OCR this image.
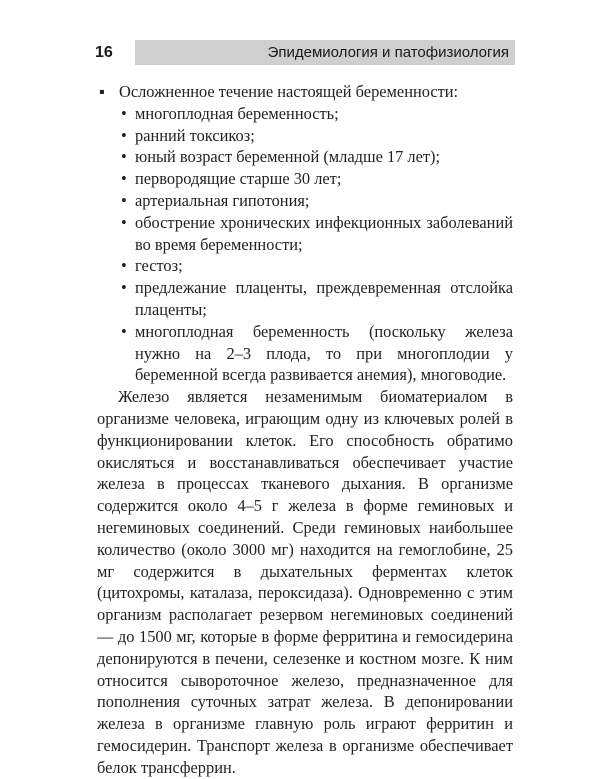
16	Эпидемиология и патофизиология
▪ Осложненное течение настоящей беременности:
• многоплодная беременность;
• ранний токсикоз;
• юный возраст беременной (младше 17 лет);
• первородящие старше 30 лет;
• артериальная гипотония;
• обострение хронических инфекционных заболеваний во время беременности;
• гестоз;
• предлежание плаценты, преждевременная отслойка плаценты;
• многоплодная беременность (поскольку железа нужно на 2–3 плода, то при многоплодии у беременной всегда развивается анемия), многоводие.

Железо является незаменимым биоматериалом в организме человека, играющим одну из ключевых ролей в функционировании клеток. Его способность обратимо окисляться и восстанавливаться обеспечивает участие железа в процессах тканевого дыхания. В организме содержится около 4–5 г железа в форме геминовых и негеминовых соединений. Среди геминовых наибольшее количество (около 3000 мг) находится на гемоглобине, 25 мг содержится в дыхательных ферментах клеток (цитохромы, каталаза, пероксидаза). Одновременно с этим организм располагает резервом негеминовых соединений — до 1500 мг, которые в форме ферритина и гемосидерина депонируются в печени, селезенке и костном мозге. К ним относится сывороточное железо, предназначенное для пополнения суточных затрат железа. В депонировании железа в организме главную роль играют ферритин и гемосидерин. Транспорт железа в организме обеспечивает белок трансферрин.
